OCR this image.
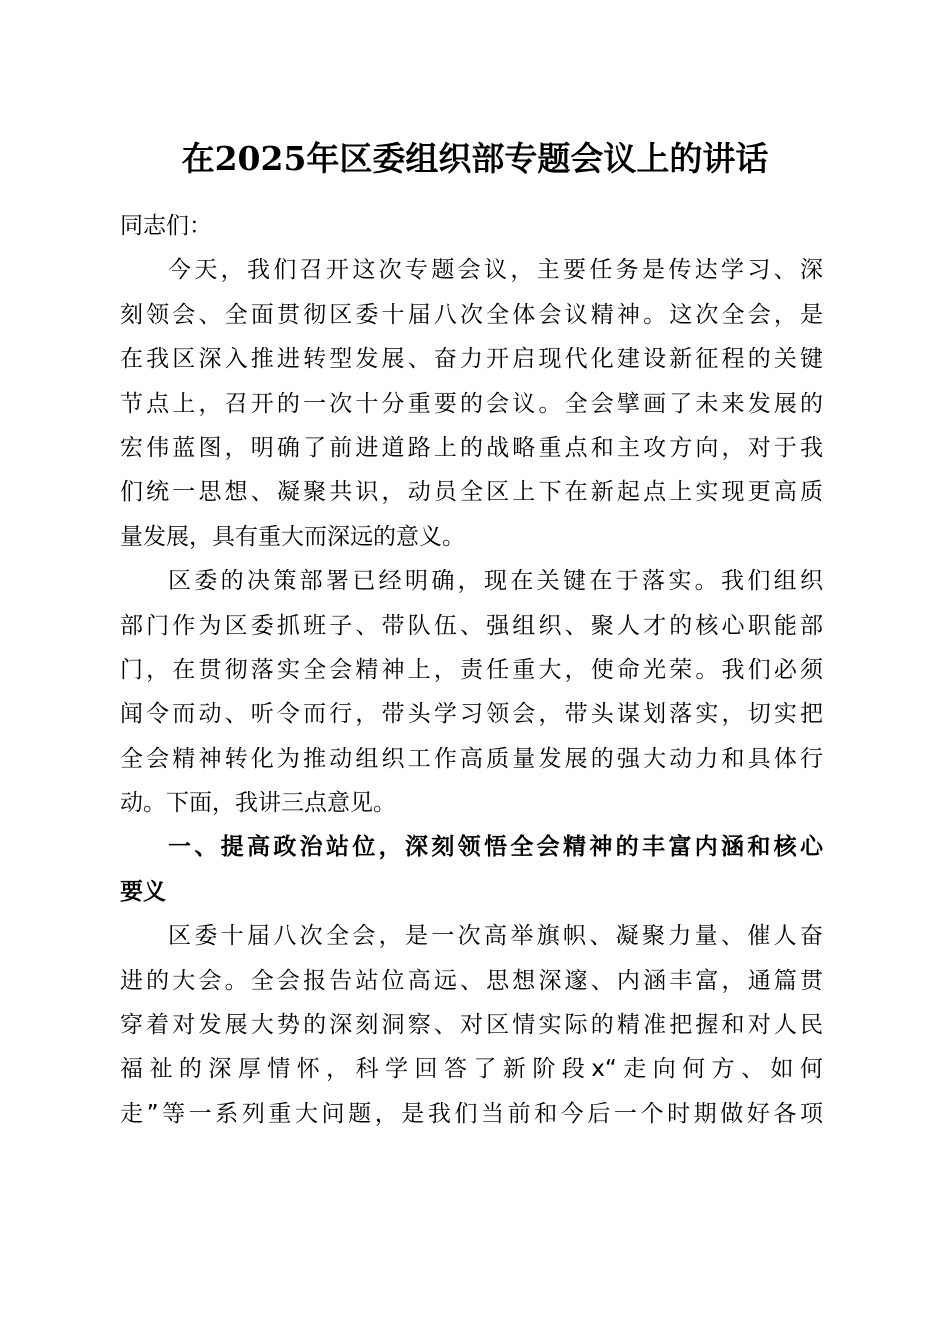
在2025年区委组织部专题会议上的讲话
同志们：
今天，我们召开这次专题会议，主要任务是传达学习、深
刻领会、全面贯彻区委十届八次全体会议精神。这次全会，是
在我区深入推进转型发展、奋力开启现代化建设新征程的关键
节点上，召开的一次十分重要的会议。全会擘画了未来发展的
宏伟蓝图，明确了前进道路上的战略重点和主攻方向，对于我
们统一思想、凝聚共识，动员全区上下在新起点上实现更高质
量发展，具有重大而深远的意义。
区委的决策部署已经明确，现在关键在于落实。我们组织
部门作为区委抓班子、带队伍、强组织、聚人才的核心职能部
门，在贯彻落实全会精神上，责任重大，使命光荣。我们必须
闻令而动、听令而行，带头学习领会，带头谋划落实，切实把
全会精神转化为推动组织工作高质量发展的强大动力和具体行
动。下面，我讲三点意见。
一、提高政治站位，深刻领悟全会精神的丰富内涵和核心
要义
区委十届八次全会，是一次高举旗帜、凝聚力量、催人奋
进的大会。全会报告站位高远、思想深邃、内涵丰富，通篇贯
穿着对发展大势的深刻洞察、对区情实际的精准把握和对人民
福祉的深厚情怀，科学回答了新阶段x“走向何方、如何
走”等一系列重大问题，是我们当前和今后一个时期做好各项
